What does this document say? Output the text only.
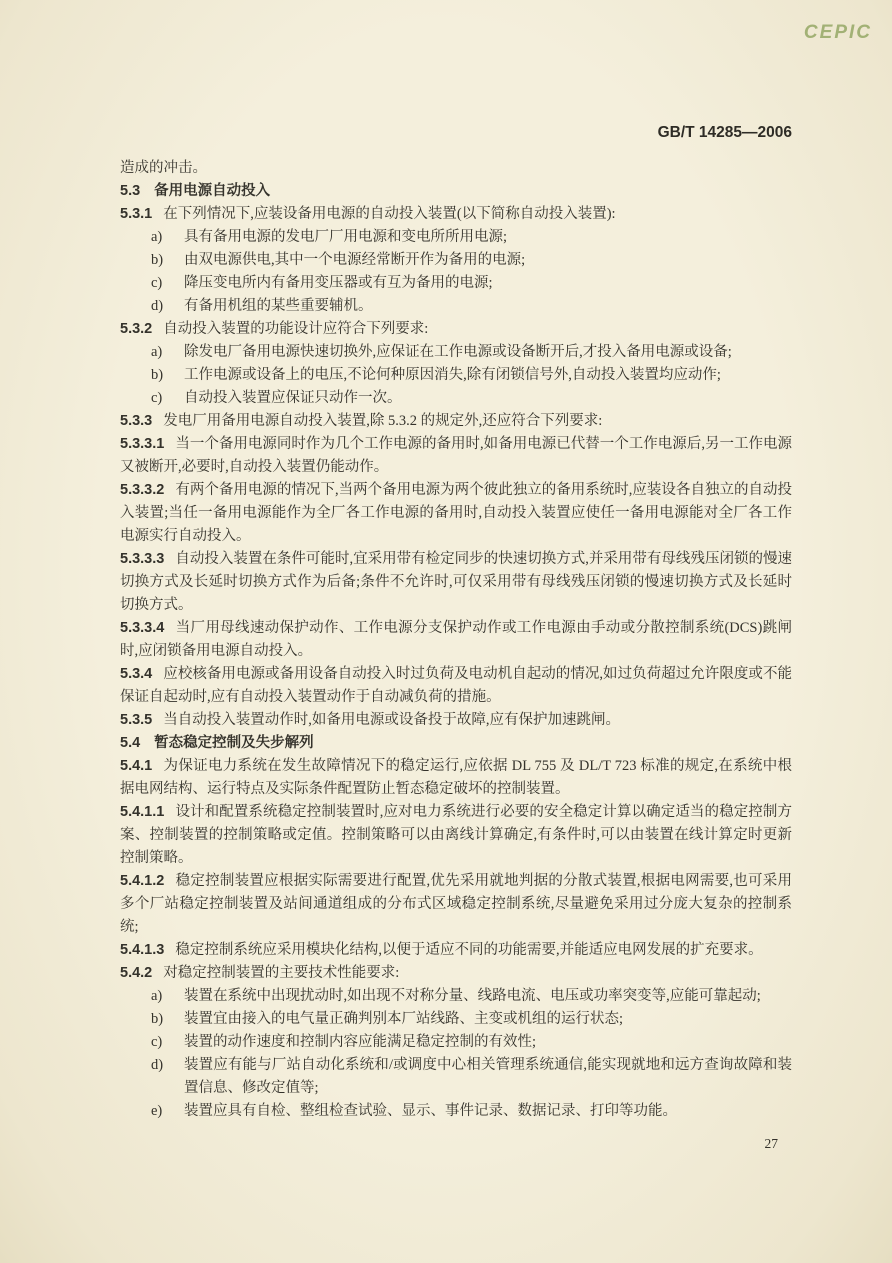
CEPIC
GB/T 14285—2006
造成的冲击。
5.3 备用电源自动投入
5.3.1 在下列情况下,应装设备用电源的自动投入装置(以下简称自动投入装置):
a) 具有备用电源的发电厂厂用电源和变电所所用电源;
b) 由双电源供电,其中一个电源经常断开作为备用的电源;
c) 降压变电所内有备用变压器或有互为备用的电源;
d) 有备用机组的某些重要辅机。
5.3.2 自动投入装置的功能设计应符合下列要求:
a) 除发电厂备用电源快速切换外,应保证在工作电源或设备断开后,才投入备用电源或设备;
b) 工作电源或设备上的电压,不论何种原因消失,除有闭锁信号外,自动投入装置均应动作;
c) 自动投入装置应保证只动作一次。
5.3.3 发电厂用备用电源自动投入装置,除 5.3.2 的规定外,还应符合下列要求:
5.3.3.1 当一个备用电源同时作为几个工作电源的备用时,如备用电源已代替一个工作电源后,另一工作电源又被断开,必要时,自动投入装置仍能动作。
5.3.3.2 有两个备用电源的情况下,当两个备用电源为两个彼此独立的备用系统时,应装设各自独立的自动投入装置;当任一备用电源能作为全厂各工作电源的备用时,自动投入装置应使任一备用电源能对全厂各工作电源实行自动投入。
5.3.3.3 自动投入装置在条件可能时,宜采用带有检定同步的快速切换方式,并采用带有母线残压闭锁的慢速切换方式及长延时切换方式作为后备;条件不允许时,可仅采用带有母线残压闭锁的慢速切换方式及长延时切换方式。
5.3.3.4 当厂用母线速动保护动作、工作电源分支保护动作或工作电源由手动或分散控制系统(DCS)跳闸时,应闭锁备用电源自动投入。
5.3.4 应校核备用电源或备用设备自动投入时过负荷及电动机自起动的情况,如过负荷超过允许限度或不能保证自起动时,应有自动投入装置动作于自动减负荷的措施。
5.3.5 当自动投入装置动作时,如备用电源或设备投于故障,应有保护加速跳闸。
5.4 暂态稳定控制及失步解列
5.4.1 为保证电力系统在发生故障情况下的稳定运行,应依据 DL 755 及 DL/T 723 标准的规定,在系统中根据电网结构、运行特点及实际条件配置防止暂态稳定破坏的控制装置。
5.4.1.1 设计和配置系统稳定控制装置时,应对电力系统进行必要的安全稳定计算以确定适当的稳定控制方案、控制装置的控制策略或定值。控制策略可以由离线计算确定,有条件时,可以由装置在线计算定时更新控制策略。
5.4.1.2 稳定控制装置应根据实际需要进行配置,优先采用就地判据的分散式装置,根据电网需要,也可采用多个厂站稳定控制装置及站间通道组成的分布式区域稳定控制系统,尽量避免采用过分庞大复杂的控制系统;
5.4.1.3 稳定控制系统应采用模块化结构,以便于适应不同的功能需要,并能适应电网发展的扩充要求。
5.4.2 对稳定控制装置的主要技术性能要求:
a) 装置在系统中出现扰动时,如出现不对称分量、线路电流、电压或功率突变等,应能可靠起动;
b) 装置宜由接入的电气量正确判别本厂站线路、主变或机组的运行状态;
c) 装置的动作速度和控制内容应能满足稳定控制的有效性;
d) 装置应有能与厂站自动化系统和/或调度中心相关管理系统通信,能实现就地和远方查询故障和装置信息、修改定值等;
e) 装置应具有自检、整组检查试验、显示、事件记录、数据记录、打印等功能。
27
